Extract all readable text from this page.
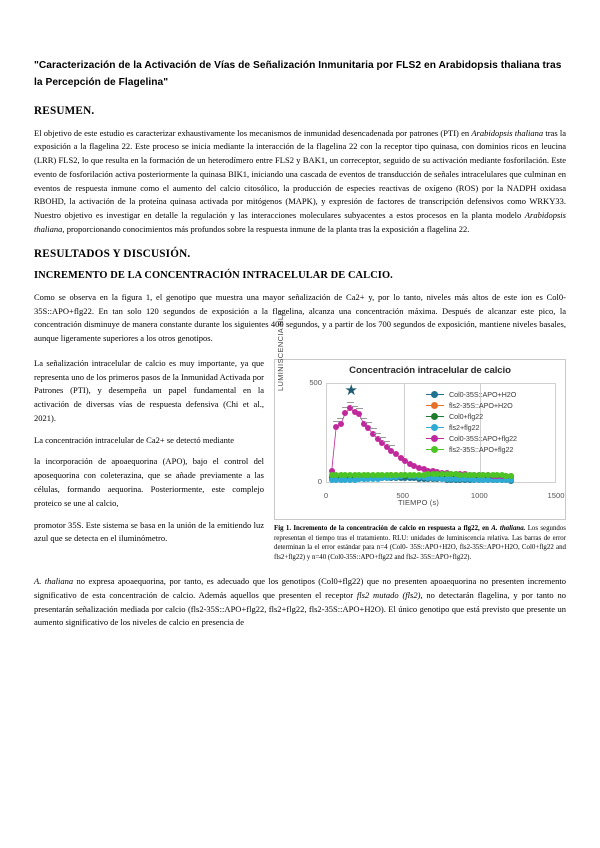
"Caracterización de la Activación de Vías de Señalización Inmunitaria por FLS2 en Arabidopsis thaliana tras la Percepción de Flagelina"
RESUMEN.

El objetivo de este estudio es caracterizar exhaustivamente los mecanismos de inmunidad desencadenada por patrones (PTI) en Arabidopsis thaliana tras la exposición a la flagelina 22. Este proceso se inicia mediante la interacción de la flagelina 22 con la receptor tipo quinasa, con dominios ricos en leucina (LRR) FLS2, lo que resulta en la formación de un heterodímero entre FLS2 y BAK1, un correceptor, seguido de su activación mediante fosforilación. Este evento de fosforilación activa posteriormente la quinasa BIK1, iniciando una cascada de eventos de transducción de señales intracelulares que culminan en eventos de respuesta inmune como el aumento del calcio citosólico, la producción de especies reactivas de oxígeno (ROS) por la NADPH oxidasa RBOHD, la activación de la proteína quinasa activada por mitógenos (MAPK), y expresión de factores de transcripción defensivos como WRKY33. Nuestro objetivo es investigar en detalle la regulación y las interacciones moleculares subyacentes a estos procesos en la planta modelo Arabidopsis thaliana, proporcionando conocimientos más profundos sobre la respuesta inmune de la planta tras la exposición a flagelina 22.

RESULTADOS Y DISCUSIÓN.
INCREMENTO DE LA CONCENTRACIÓN INTRACELULAR DE CALCIO.

Como se observa en la figura 1, el genotipo que muestra una mayor señalización de Ca2+ y, por lo tanto, niveles más altos de este ion es Col0-35S::APO+flg22. En tan solo 120 segundos de exposición a la flagelina, alcanza una concentración máxima. Después de alcanzar este pico, la concentración disminuye de manera constante durante los siguientes 400 segundos, y a partir de los 700 segundos de exposición, mantiene niveles basales, aunque ligeramente superiores a los otros genotipos.

Concentración intracelular de calcio
LUMINISCENCIA RLU	500
0
★	Col0-35S::APO+H2O
fls2-35S::APO+H2O
Col0+flg22
fls2+flg22
Col0-35S::APO+flg22
fls2-35S::APO+flg22
0	500	1000	1500
TIEMPO (s)
Fig 1. Incremento de la concentración de calcio en respuesta a flg22, en A. thaliana. Los segundos representan el tiempo tras el tratamiento. RLU: unidades de luminiscencia relativa. Las barras de error determinan la el error estándar para n=4 (Col0- 35S::APO+H2O, fls2-35S::APO+H2O, Col0+flg22 and fls2+flg22) y n=40 (Col0-35S::APO+flg22 and fls2- 35S::APO+flg22).

La señalización intracelular de calcio es muy importante, ya que representa uno de los primeros pasos de la Inmunidad Activada por Patrones (PTI), y desempeña un papel fundamental en la activación de diversas vías de respuesta defensiva (Chi et al., 2021).

La concentración intracelular de Ca2+ se detectó mediante

la incorporación de apoaequorina (APO), bajo el control del aposequorina con coleterazina, que se añade previamente a las células, formando aequorina. Posteriormente, este complejo proteico se une al calcio,

promotor 35S. Este sistema se basa en la unión de la emitiendo luz azul que se detecta en el iluminómetro.

A. thaliana no expresa apoaequorina, por tanto, es adecuado que los genotipos (Col0+flg22) que no presenten apoaequorina no presenten incremento significativo de esta concentración de calcio. Además aquellos que presenten el receptor fls2 mutado (fls2), no detectarán flagelina, y por tanto no presentarán señalización mediada por calcio (fls2-35S::APO+flg22, fls2+flg22, fls2-35S::APO+H2O). El único genotipo que está previsto que presente un aumento significativo de los niveles de calcio en presencia de
